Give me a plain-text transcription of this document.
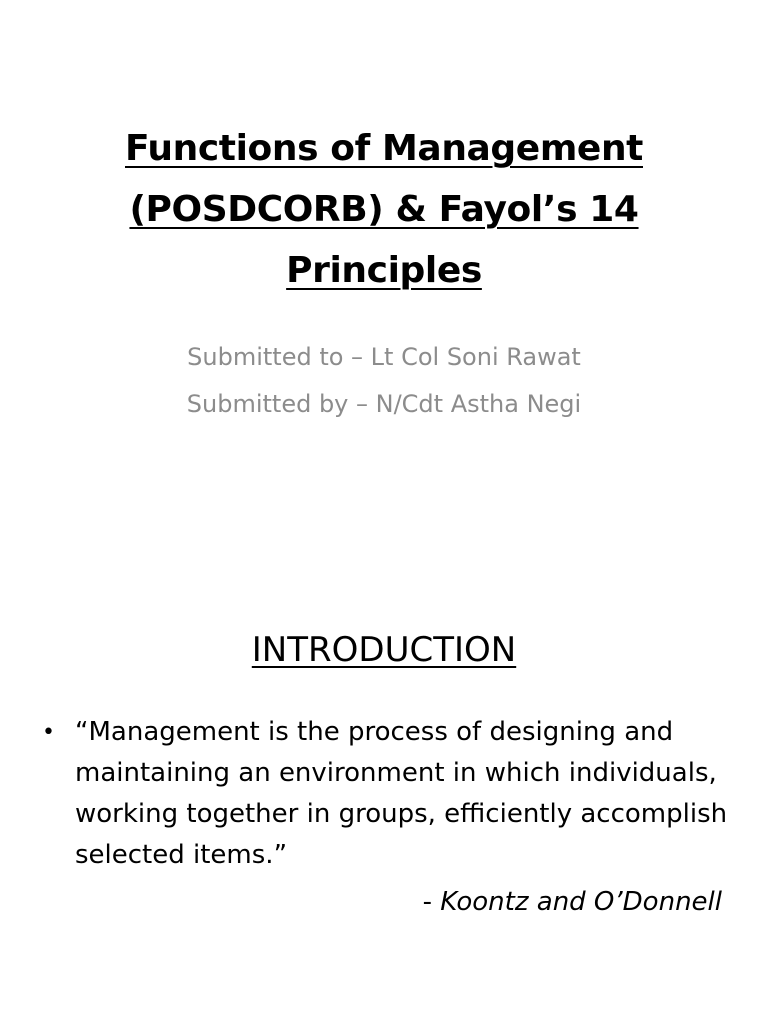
Functions of Management
(POSDCORB) & Fayol’s 14
Principles
Submitted to – Lt Col Soni Rawat
Submitted by – N/Cdt Astha Negi
INTRODUCTION
• “Management is the process of designing and maintaining an environment in which individuals, working together in groups, efficiently accomplish selected items.”
- Koontz and O’Donnell
